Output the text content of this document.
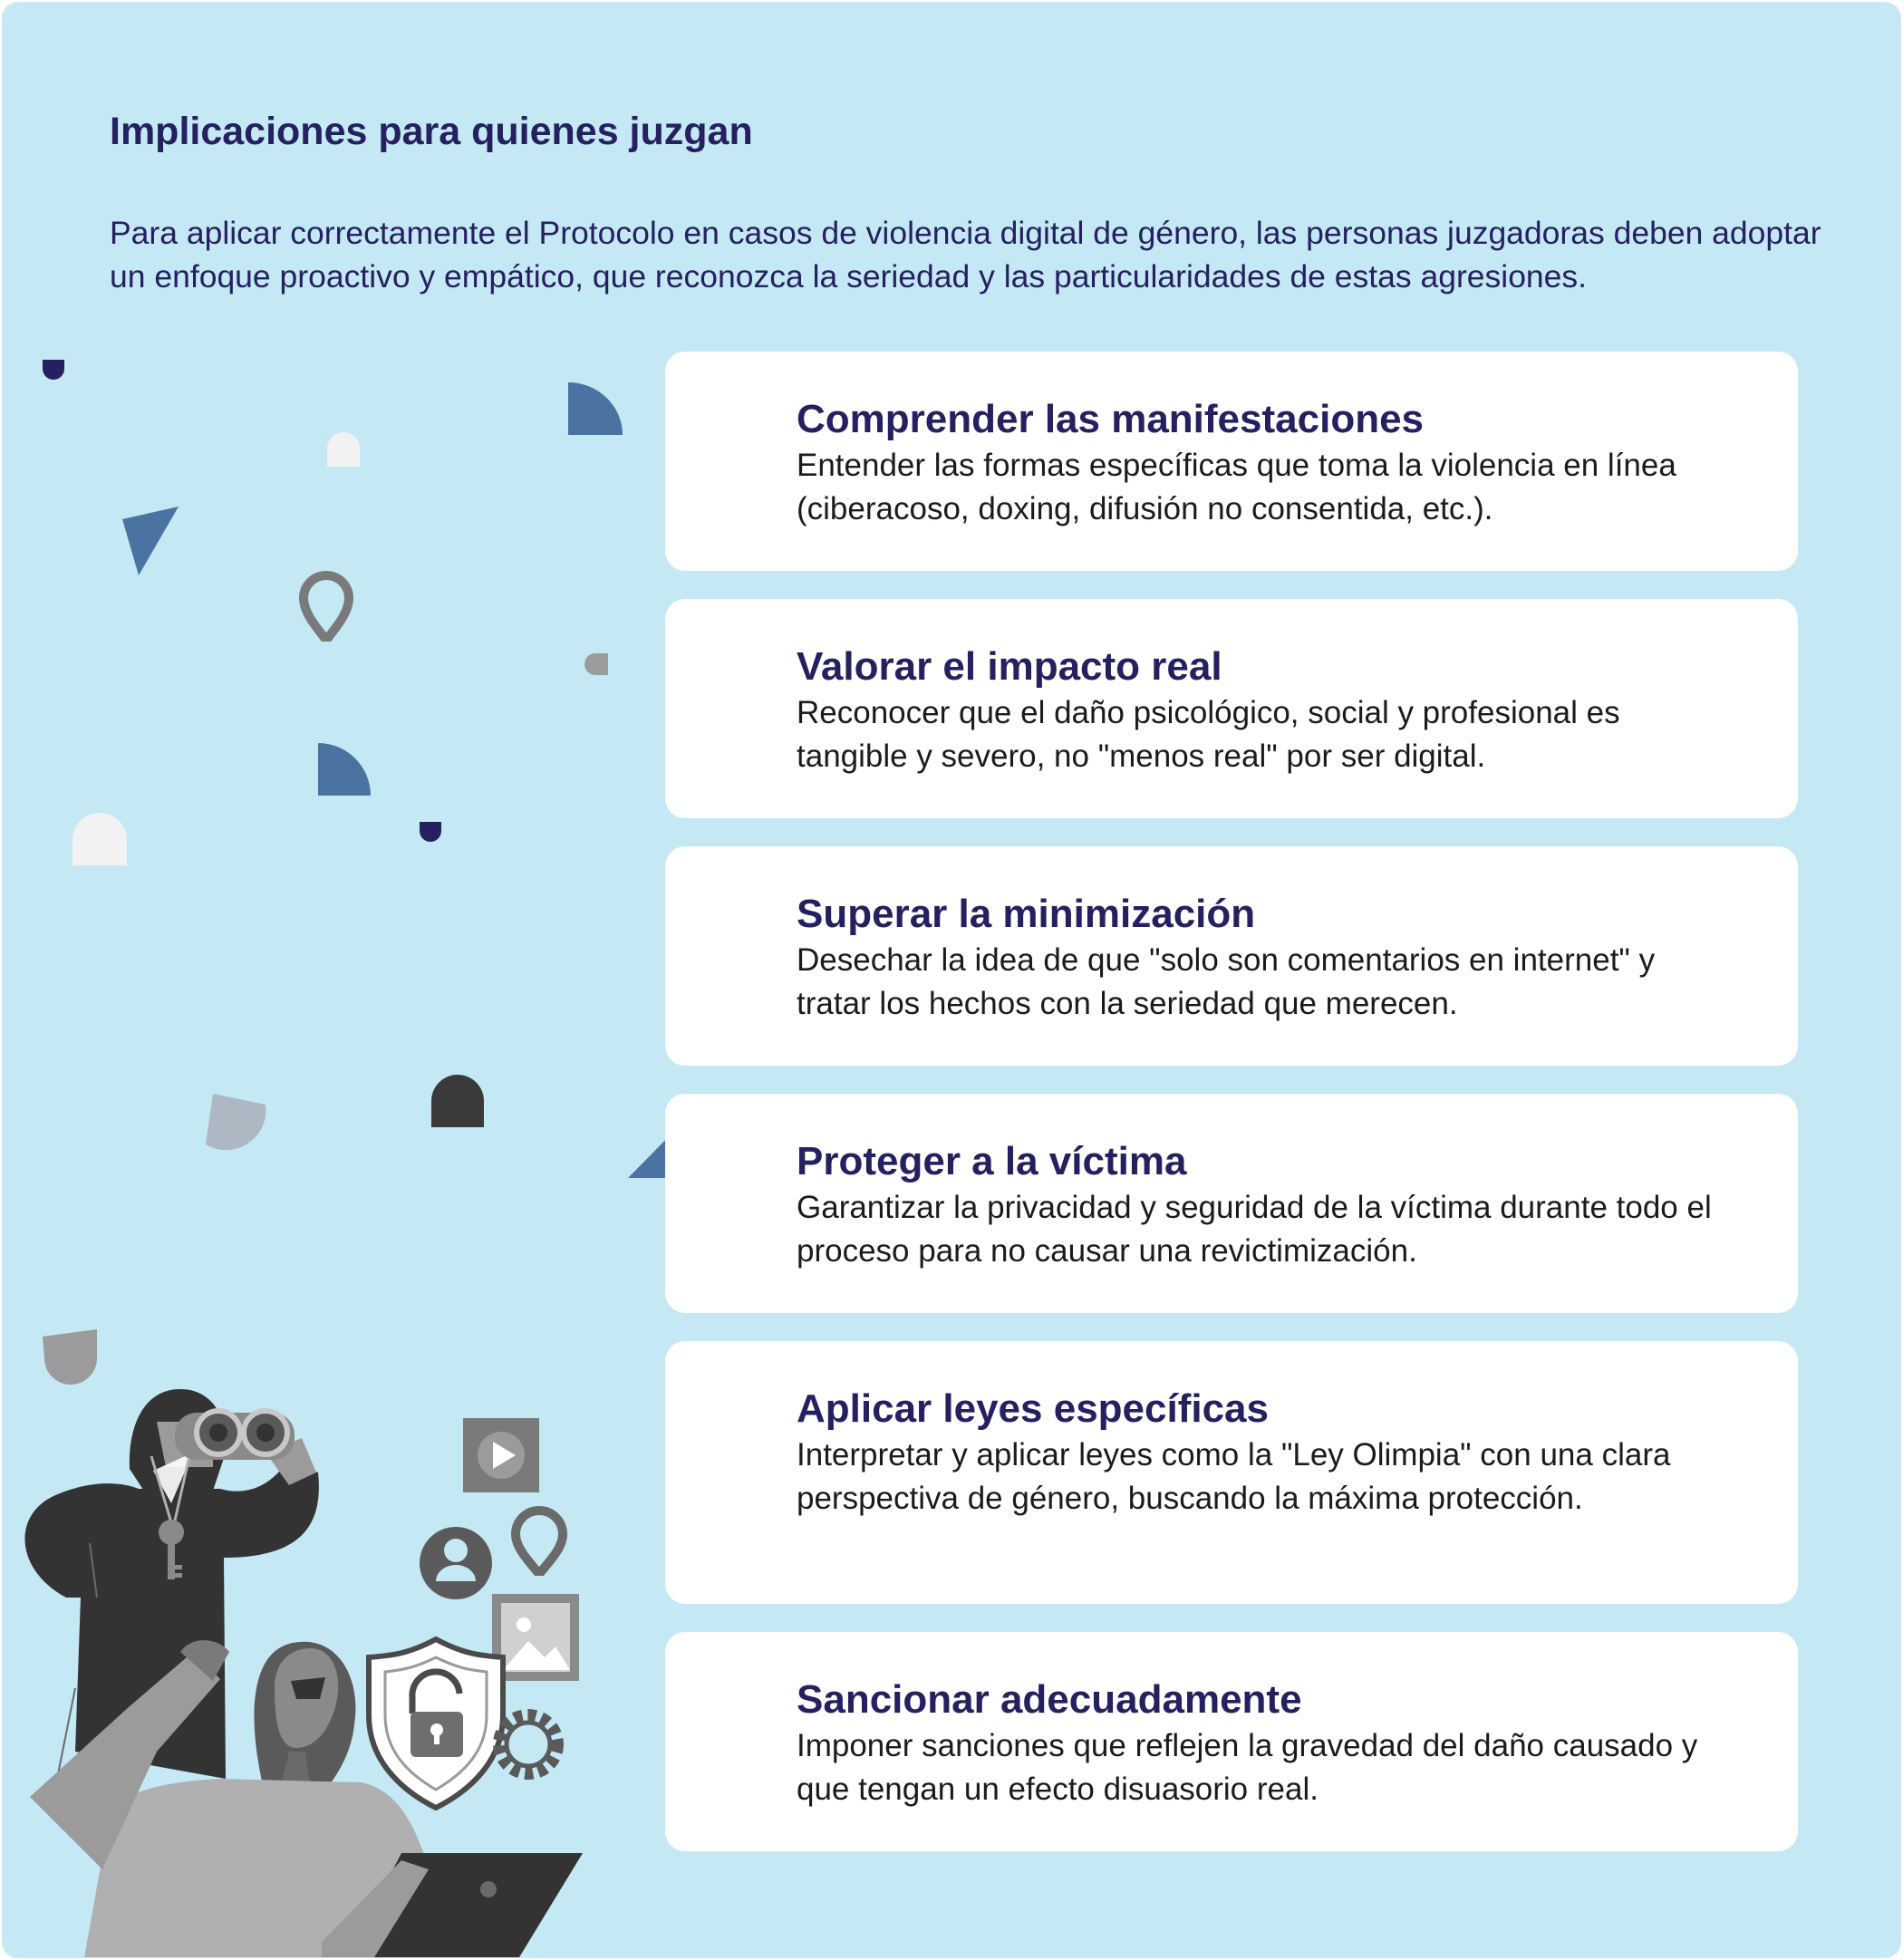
Implicaciones para quienes juzgan

Para aplicar correctamente el Protocolo en casos de violencia digital de género, las personas juzgadoras deben adoptar un enfoque proactivo y empático, que reconozca la seriedad y las particularidades de estas agresiones.

Comprender las manifestaciones

Entender las formas específicas que toma la violencia en línea (ciberacoso, doxing, difusión no consentida, etc.).

Valorar el impacto real

Reconocer que el daño psicológico, social y profesional es tangible y severo, no "menos real" por ser digital.

Superar la minimización

Desechar la idea de que "solo son comentarios en internet" y tratar los hechos con la seriedad que merecen.

Proteger a la víctima

Garantizar la privacidad y seguridad de la víctima durante todo el proceso para no causar una revictimización.

Aplicar leyes específicas

Interpretar y aplicar leyes como la "Ley Olimpia" con una clara perspectiva de género, buscando la máxima protección.

Sancionar adecuadamente

Imponer sanciones que reflejen la gravedad del daño causado y que tengan un efecto disuasorio real.
